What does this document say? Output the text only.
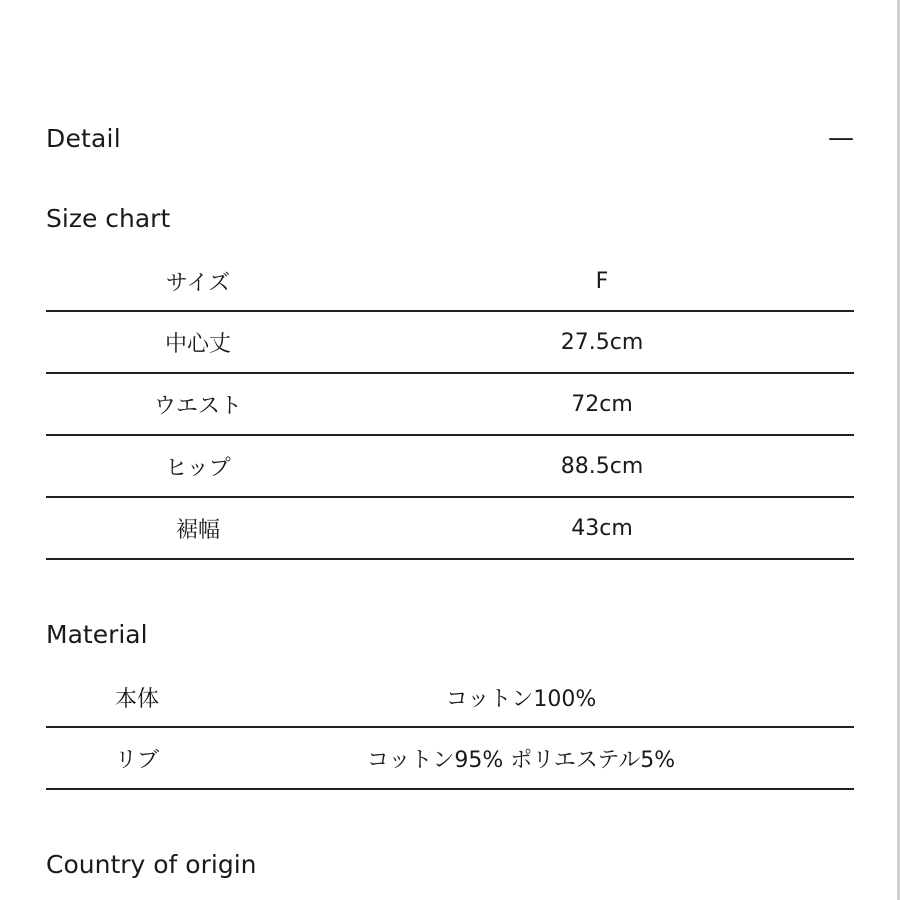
Detail	—
Size chart
サイズ	F
中心丈	27.5cm
ウエスト	72cm
ヒップ	88.5cm
裾幅	43cm
Material
本体	コットン100%
リブ	コットン95% ポリエステル5%
Country of origin
